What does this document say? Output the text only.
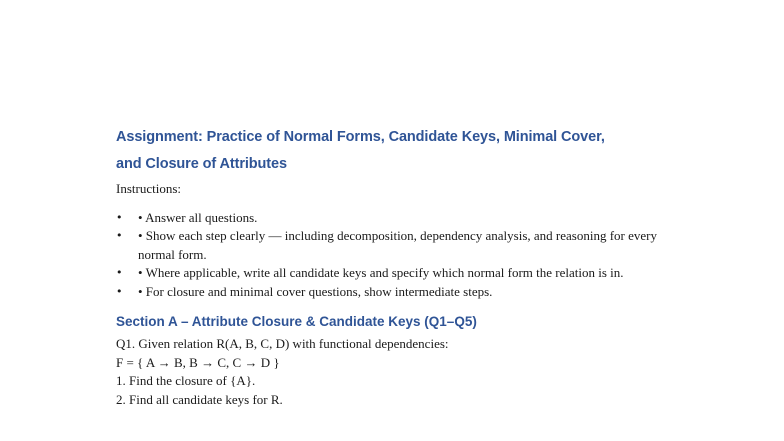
Assignment: Practice of Normal Forms, Candidate Keys, Minimal Cover,
and Closure of Attributes
Instructions:
• • Answer all questions.
• • Show each step clearly — including decomposition, dependency analysis, and reasoning for every normal form.
• • Where applicable, write all candidate keys and specify which normal form the relation is in.
• • For closure and minimal cover questions, show intermediate steps.
Section A – Attribute Closure & Candidate Keys (Q1–Q5)

Q1. Given relation R(A, B, C, D) with functional dependencies:

F = { A → B, B → C, C → D }

1. Find the closure of {A}.

2. Find all candidate keys for R.
